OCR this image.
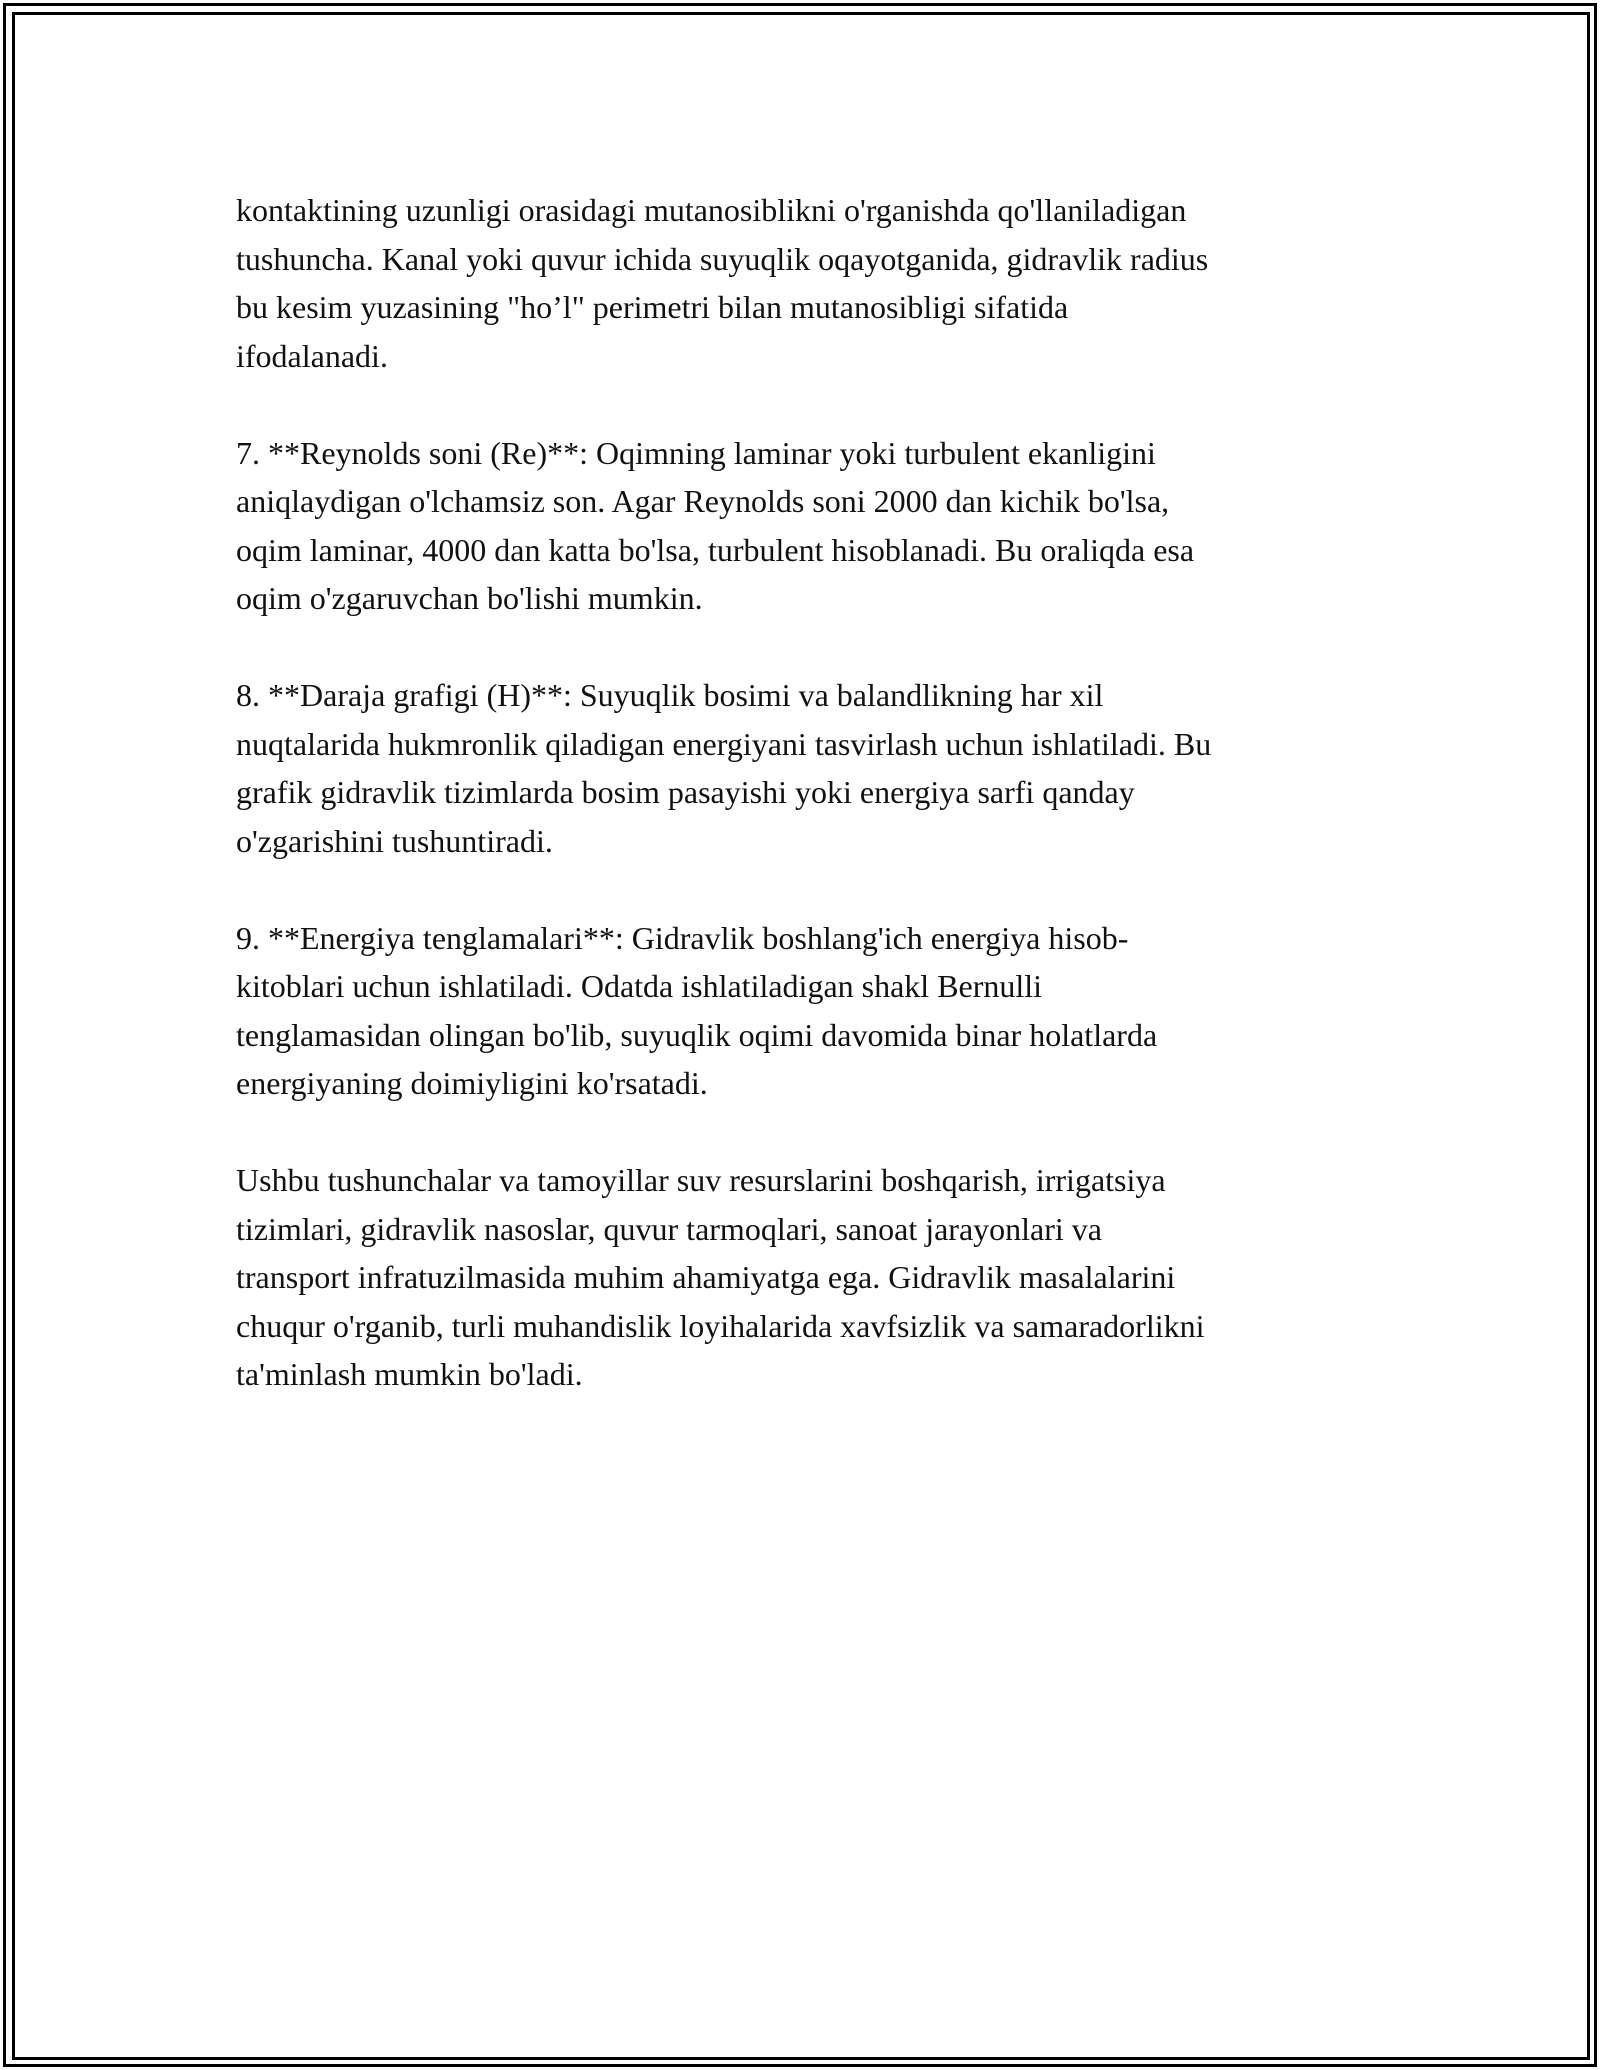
kontaktining uzunligi orasidagi mutanosiblikni o'rganishda qo'llaniladigan
tushuncha. Kanal yoki quvur ichida suyuqlik oqayotganida, gidravlik radius
bu kesim yuzasining "ho’l" perimetri bilan mutanosibligi sifatida
ifodalanadi.

7. **Reynolds soni (Re)**: Oqimning laminar yoki turbulent ekanligini
aniqlaydigan o'lchamsiz son. Agar Reynolds soni 2000 dan kichik bo'lsa,
oqim laminar, 4000 dan katta bo'lsa, turbulent hisoblanadi. Bu oraliqda esa
oqim o'zgaruvchan bo'lishi mumkin.

8. **Daraja grafigi (H)**: Suyuqlik bosimi va balandlikning har xil
nuqtalarida hukmronlik qiladigan energiyani tasvirlash uchun ishlatiladi. Bu
grafik gidravlik tizimlarda bosim pasayishi yoki energiya sarfi qanday
o'zgarishini tushuntiradi.

9. **Energiya tenglamalari**: Gidravlik boshlang'ich energiya hisob-
kitoblari uchun ishlatiladi. Odatda ishlatiladigan shakl Bernulli
tenglamasidan olingan bo'lib, suyuqlik oqimi davomida binar holatlarda
energiyaning doimiyligini ko'rsatadi.

Ushbu tushunchalar va tamoyillar suv resurslarini boshqarish, irrigatsiya
tizimlari, gidravlik nasoslar, quvur tarmoqlari, sanoat jarayonlari va
transport infratuzilmasida muhim ahamiyatga ega. Gidravlik masalalarini
chuqur o'rganib, turli muhandislik loyihalarida xavfsizlik va samaradorlikni
ta'minlash mumkin bo'ladi.
